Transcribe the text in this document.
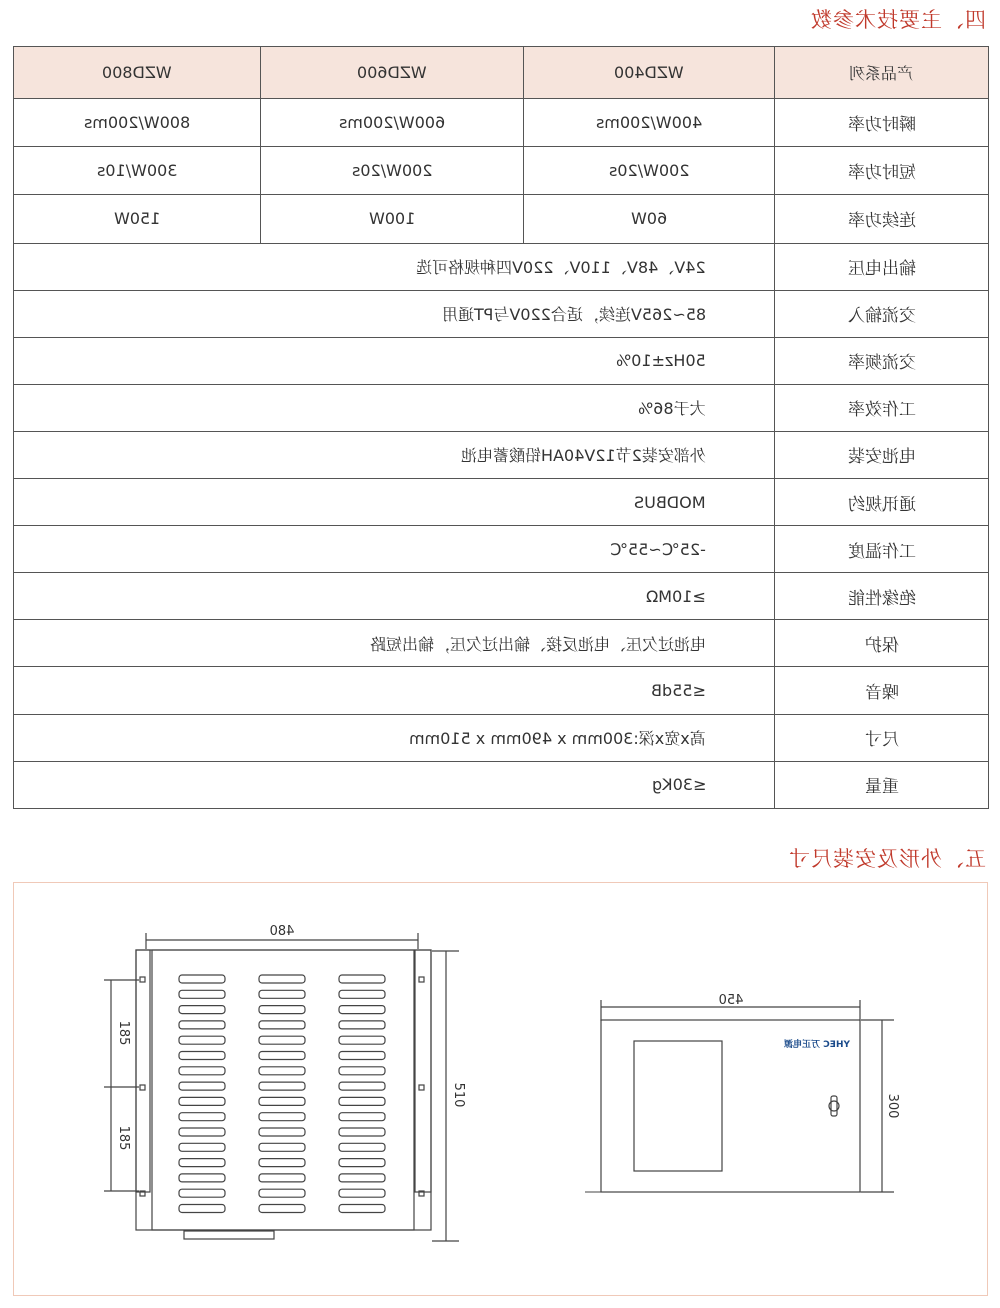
四、主要技术参数
WZD800	WZD600	WZD400	产品系列
800W/200ms	600W/200ms	400W/200ms	瞬时功率
300W/10s	200W/20s	200W/20s	短时功率
150W	100W	60W	连续功率
24V、48V、110V、220V四种规格可选			输出电压
85~265V连续，适合220V与PT通用			交流输入
50Hz±10%			交流频率
大于86%			工作效率
外部安装2节12V40AH铅酸蓄电池			电池安装
MODBUS			通讯规约
-25℃~55℃			工作温度
≥10MΩ			绝缘性能
电池过欠压、电池反接、输出过欠压，输出短路			保护
≤55dB			噪音
高x宽x深:300mm x 490mm x 510mm			尺寸
≤30Kg			重量
五、外形及安装尺寸
480
510
185
185
450
300
YHEC 万正电源
